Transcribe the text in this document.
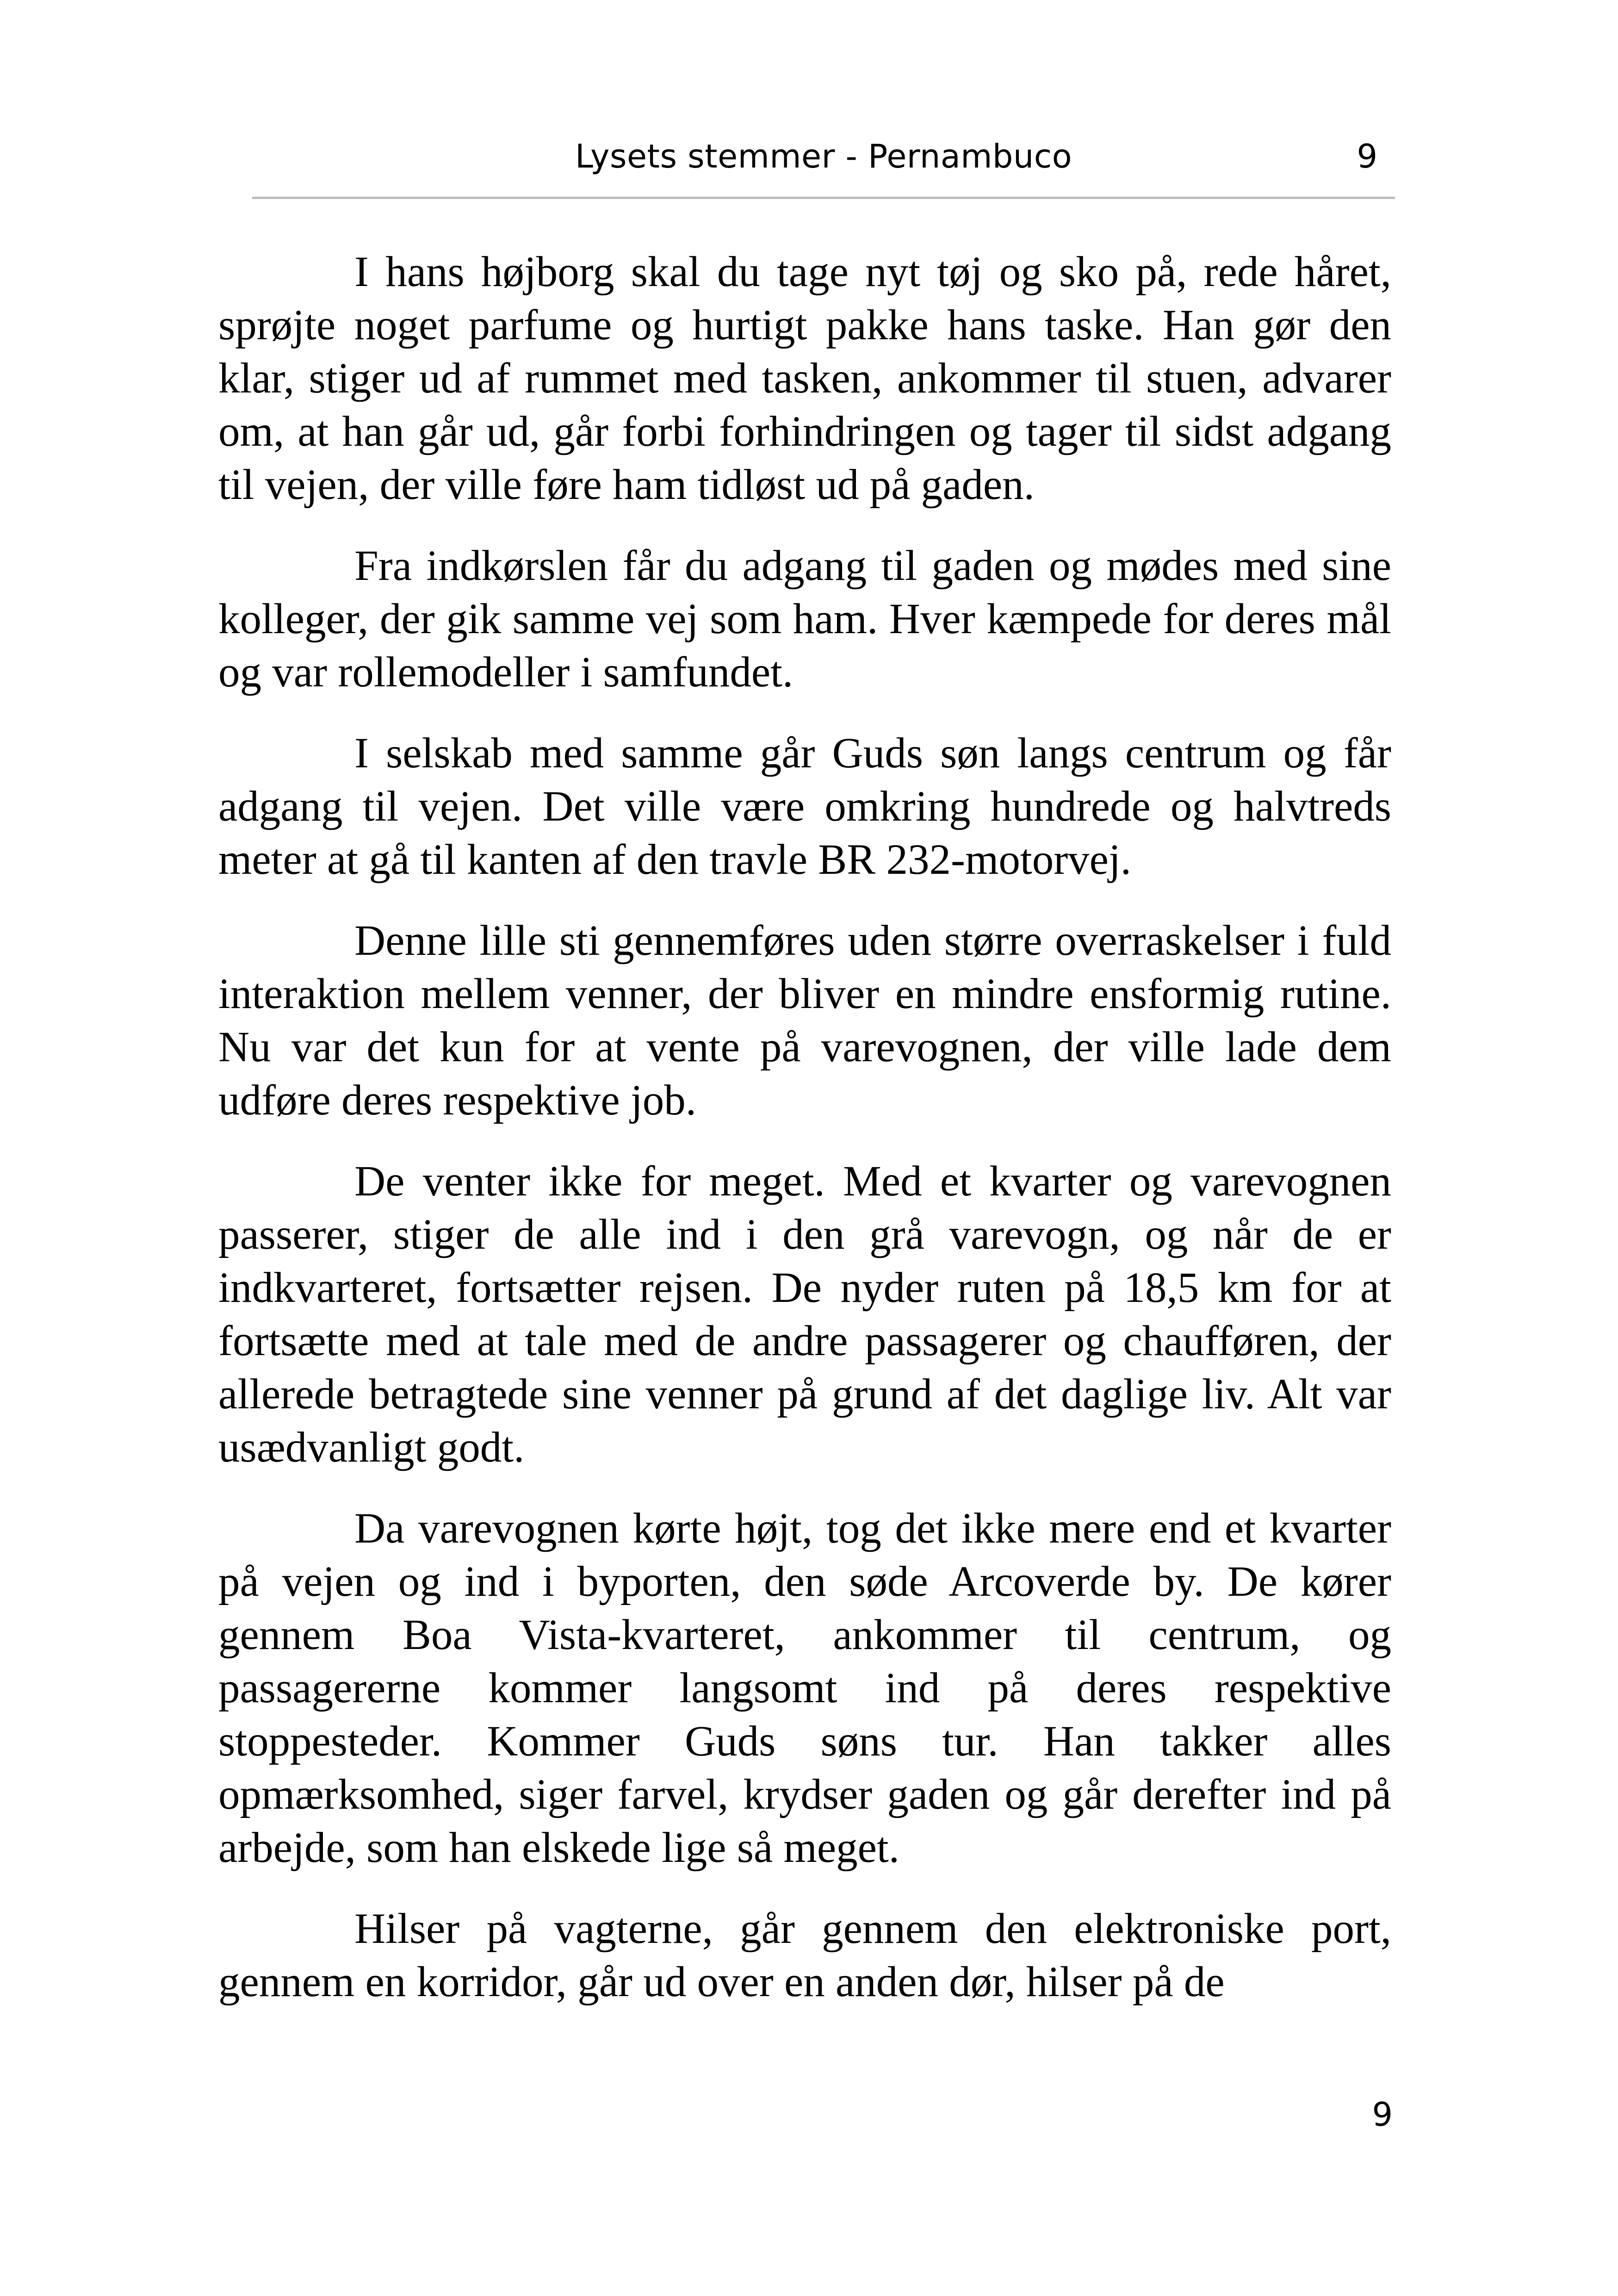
Lysets stemmer - Pernambuco	9

I hans højborg skal du tage nyt tøj og sko på, rede håret, sprøjte noget parfume og hurtigt pakke hans taske. Han gør den klar, stiger ud af rummet med tasken, ankommer til stuen, advarer om, at han går ud, går forbi forhindringen og tager til sidst adgang til vejen, der ville føre ham tidløst ud på gaden.

Fra indkørslen får du adgang til gaden og mødes med sine kolleger, der gik samme vej som ham. Hver kæmpede for deres mål og var rollemodeller i samfundet.

I selskab med samme går Guds søn langs centrum og får adgang til vejen. Det ville være omkring hundrede og halvtreds meter at gå til kanten af den travle BR 232-motorvej.

Denne lille sti gennemføres uden større overraskelser i fuld interaktion mellem venner, der bliver en mindre ensformig rutine. Nu var det kun for at vente på varevognen, der ville lade dem udføre deres respektive job.

De venter ikke for meget. Med et kvarter og varevognen passerer, stiger de alle ind i den grå varevogn, og når de er indkvarteret, fortsætter rejsen. De nyder ruten på 18,5 km for at fortsætte med at tale med de andre passagerer og chaufføren, der allerede betragtede sine venner på grund af det daglige liv. Alt var usædvanligt godt.

Da varevognen kørte højt, tog det ikke mere end et kvarter på vejen og ind i byporten, den søde Arcoverde by. De kører gennem Boa Vista-kvarteret, ankommer til centrum, og passagererne kommer langsomt ind på deres respektive stoppesteder. Kommer Guds søns tur. Han takker alles opmærksomhed, siger farvel, krydser gaden og går derefter ind på arbejde, som han elskede lige så meget.

Hilser på vagterne, går gennem den elektroniske port, gennem en korridor, går ud over en anden dør, hilser på de

9
